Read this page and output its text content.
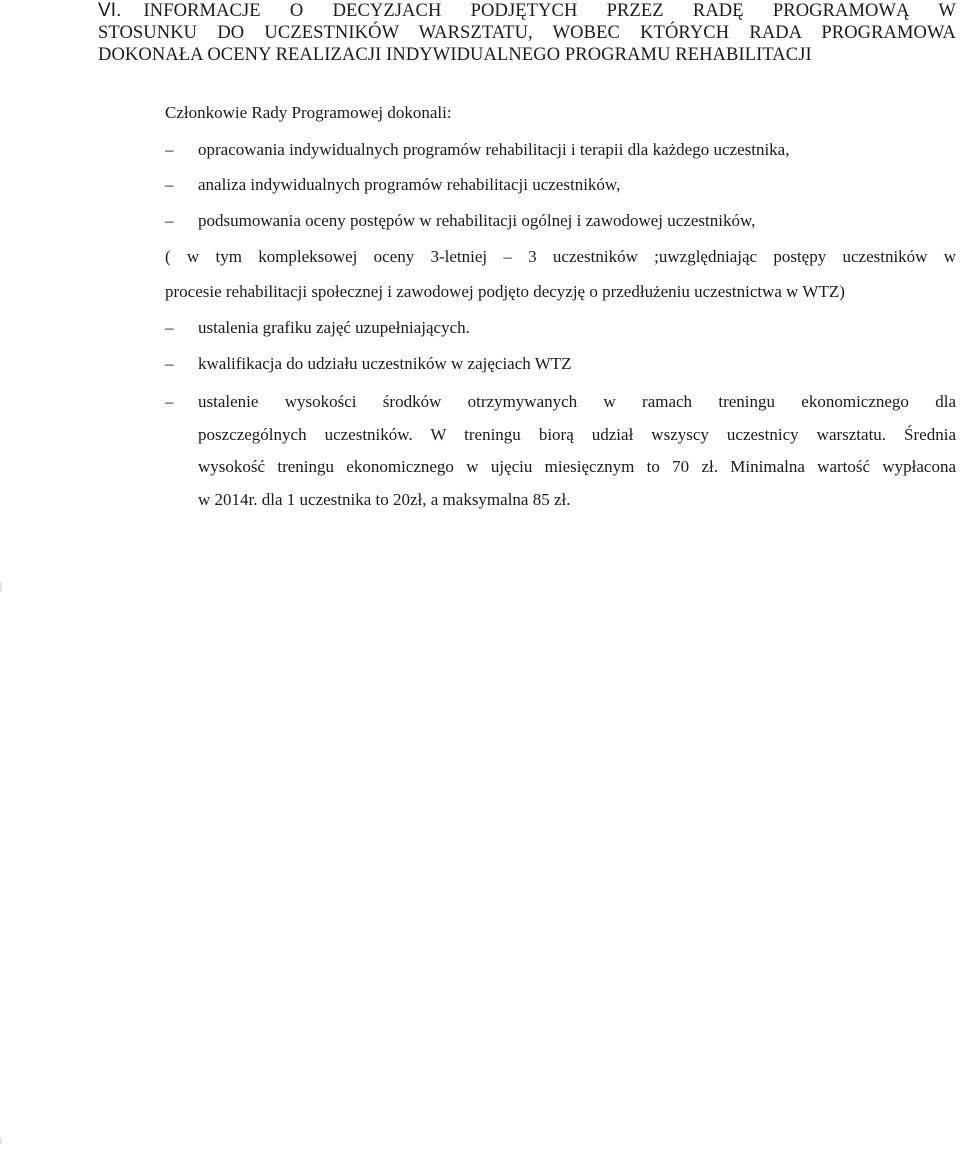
VI. INFORMACJE O DECYZJACH PODJĘTYCH PRZEZ RADĘ PROGRAMOWĄ W
STOSUNKU DO UCZESTNIKÓW WARSZTATU, WOBEC KTÓRYCH RADA PROGRAMOWA
DOKONAŁA OCENY REALIZACJI INDYWIDUALNEGO PROGRAMU REHABILITACJI
Członkowie Rady Programowej dokonali:
– opracowania indywidualnych programów rehabilitacji i terapii dla każdego uczestnika,
– analiza indywidualnych programów rehabilitacji uczestników,
– podsumowania oceny postępów w rehabilitacji ogólnej i zawodowej uczestników,
( w tym kompleksowej oceny 3-letniej – 3 uczestników ;uwzględniając postępy uczestników w
procesie rehabilitacji społecznej i zawodowej podjęto decyzję o przedłużeniu uczestnictwa w WTZ)
– ustalenia grafiku zajęć uzupełniających.
– kwalifikacja do udziału uczestników w zajęciach WTZ
– ustalenie wysokości środków otrzymywanych w ramach treningu ekonomicznego dla
poszczególnych uczestników. W treningu biorą udział wszyscy uczestnicy warsztatu. Średnia
wysokość treningu ekonomicznego w ujęciu miesięcznym to 70 zł. Minimalna wartość wypłacona
w 2014r. dla 1 uczestnika to 20zł, a maksymalna 85 zł.
